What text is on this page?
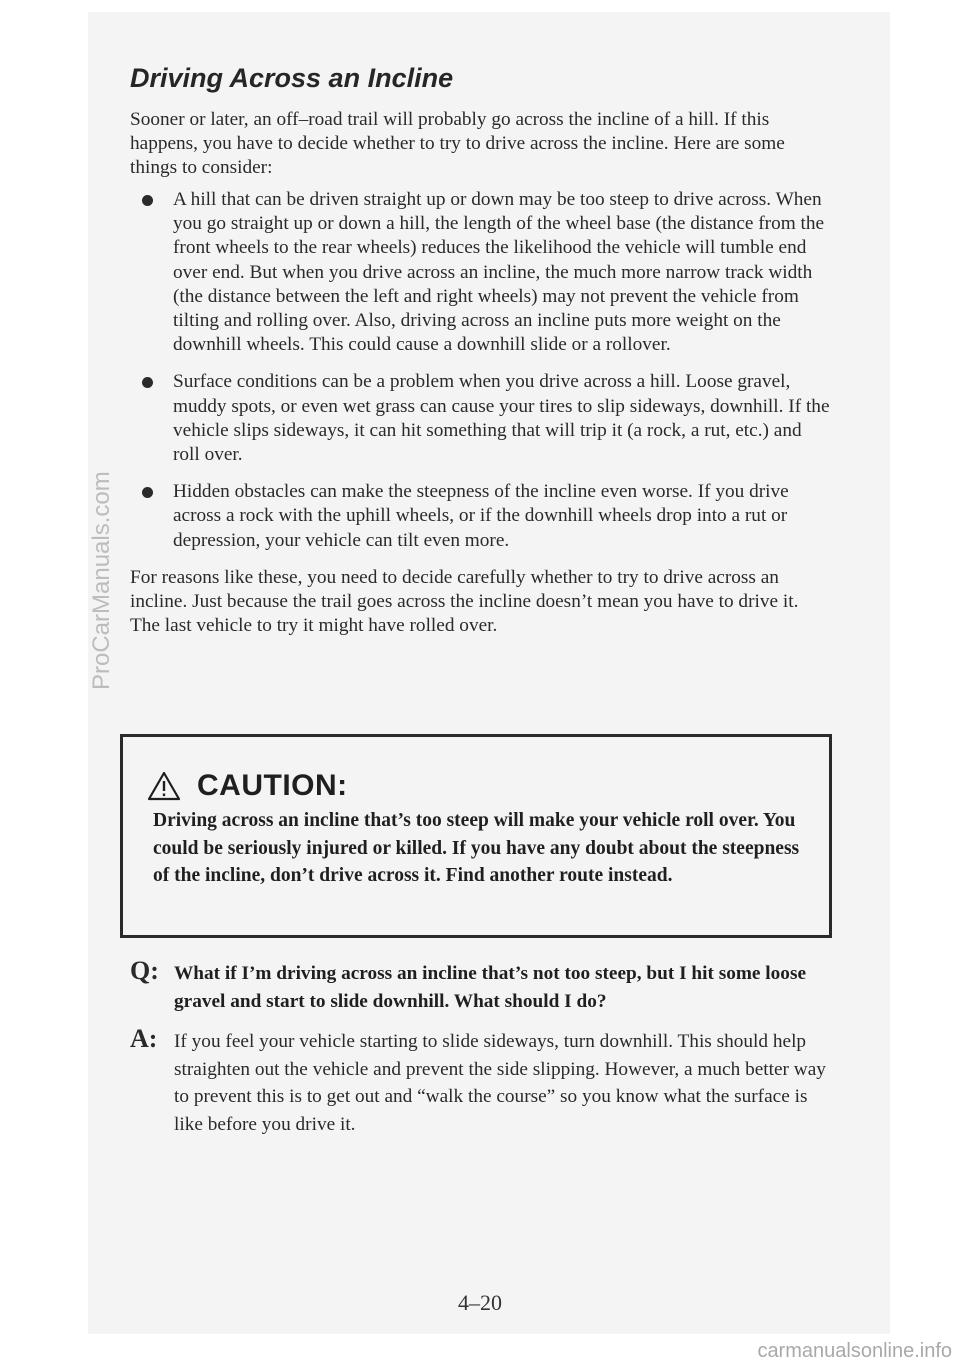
Driving Across an Incline

Sooner or later, an off–road trail will probably go across the incline of a hill. If this happens, you have to decide whether to try to drive across the incline. Here are some things to consider:

A hill that can be driven straight up or down may be too steep to drive across. When you go straight up or down a hill, the length of the wheel base (the distance from the front wheels to the rear wheels) reduces the likelihood the vehicle will tumble end over end. But when you drive across an incline, the much more narrow track width (the distance between the left and right wheels) may not prevent the vehicle from tilting and rolling over. Also, driving across an incline puts more weight on the downhill wheels. This could cause a downhill slide or a rollover.
Surface conditions can be a problem when you drive across a hill. Loose gravel, muddy spots, or even wet grass can cause your tires to slip sideways, downhill. If the vehicle slips sideways, it can hit something that will trip it (a rock, a rut, etc.) and roll over.
Hidden obstacles can make the steepness of the incline even worse. If you drive across a rock with the uphill wheels, or if the downhill wheels drop into a rut or depression, your vehicle can tilt even more.

For reasons like these, you need to decide carefully whether to try to drive across an incline. Just because the trail goes across the incline doesn’t mean you have to drive it. The last vehicle to try it might have rolled over.

CAUTION:
Driving across an incline that’s too steep will make your vehicle roll over. You could be seriously injured or killed. If you have any doubt about the steepness of the incline, don’t drive across it. Find another route instead.
Q: What if I’m driving across an incline that’s not too steep, but I hit some loose gravel and start to slide downhill. What should I do?
A: If you feel your vehicle starting to slide sideways, turn downhill. This should help straighten out the vehicle and prevent the side slipping. However, a much better way to prevent this is to get out and “walk the course” so you know what the surface is like before you drive it.
4–20
ProCarManuals.com
carmanualsonline.info
